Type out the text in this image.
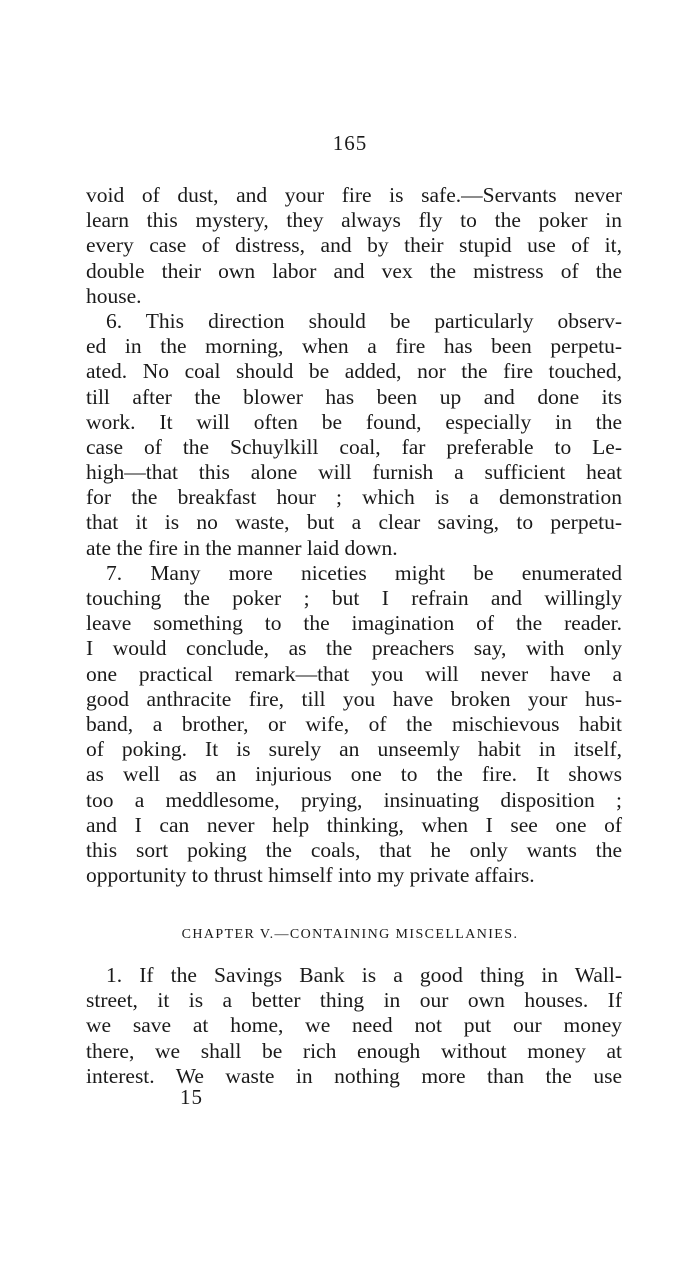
165
void of dust, and your fire is safe.—Servants never
learn this mystery, they always fly to the poker in
every case of distress, and by their stupid use of it,
double their own labor and vex the mistress of the
house.
6. This direction should be particularly observ-
ed in the morning, when a fire has been perpetu-
ated. No coal should be added, nor the fire touched,
till after the blower has been up and done its
work. It will often be found, especially in the
case of the Schuylkill coal, far preferable to Le-
high—that this alone will furnish a sufficient heat
for the breakfast hour ; which is a demonstration
that it is no waste, but a clear saving, to perpetu-
ate the fire in the manner laid down.
7. Many more niceties might be enumerated
touching the poker ; but I refrain and willingly
leave something to the imagination of the reader.
I would conclude, as the preachers say, with only
one practical remark—that you will never have a
good anthracite fire, till you have broken your hus-
band, a brother, or wife, of the mischievous habit
of poking. It is surely an unseemly habit in itself,
as well as an injurious one to the fire. It shows
too a meddlesome, prying, insinuating disposition ;
and I can never help thinking, when I see one of
this sort poking the coals, that he only wants the
opportunity to thrust himself into my private affairs.
CHAPTER V.—CONTAINING MISCELLANIES.
1. If the Savings Bank is a good thing in Wall-
street, it is a better thing in our own houses. If
we save at home, we need not put our money
there, we shall be rich enough without money at
interest. We waste in nothing more than the use
15
